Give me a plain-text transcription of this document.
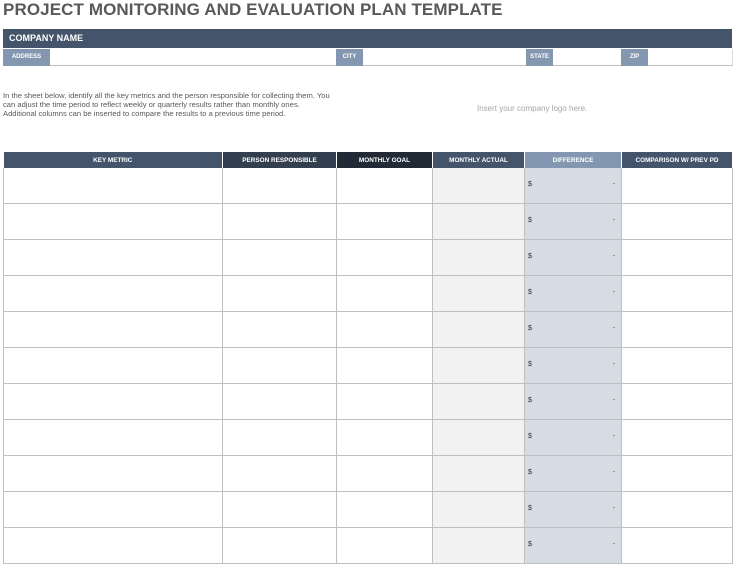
PROJECT MONITORING AND EVALUATION PLAN TEMPLATE
COMPANY NAME
ADDRESS	CITY	STATE	ZIP
In the sheet below, identify all the key metrics and the person responsible for collecting them. You can adjust the time period to reflect weekly or quarterly results rather than monthly ones. Additional columns can be inserted to compare the results to a previous time period.
Insert your company logo here.
KEY METRIC	PERSON RESPONSIBLE	MONTHLY GOAL	MONTHLY ACTUAL	DIFFERENCE	COMPARISON W/ PREV PD

				$ -	

				$ -	

				$ -	

				$ -	

				$ -	

				$ -	

				$ -	

				$ -	

				$ -	

				$ -	

				$ -	
